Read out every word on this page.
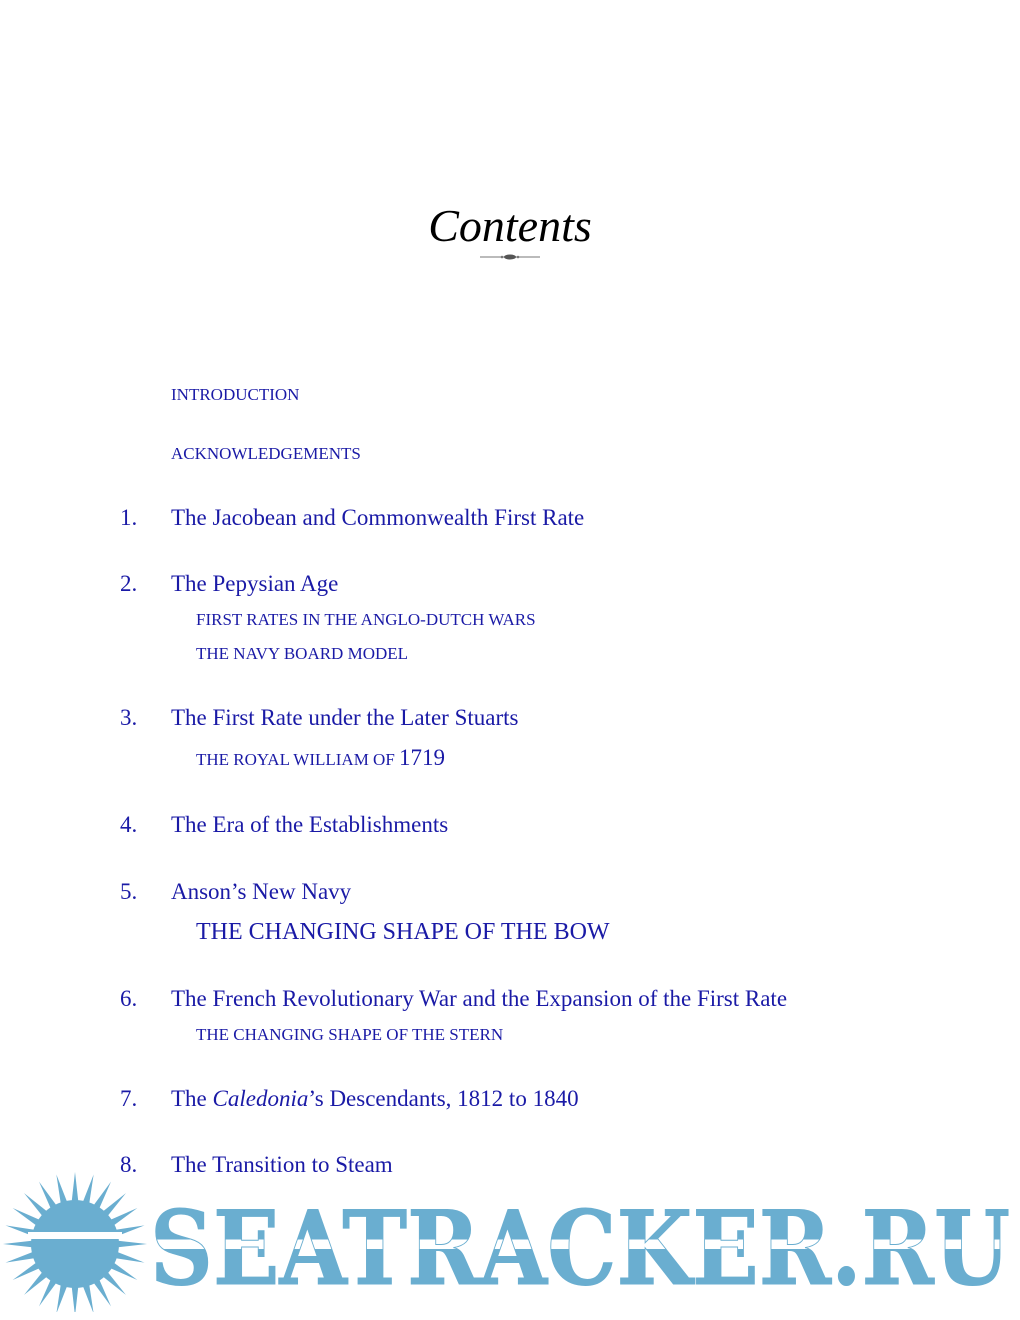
Contents
INTRODUCTION
ACKNOWLEDGEMENTS
1. The Jacobean and Commonwealth First Rate
2. The Pepysian Age
FIRST RATES IN THE ANGLO-DUTCH WARS
THE NAVY BOARD MODEL
3. The First Rate under the Later Stuarts
THE ROYAL WILLIAM OF 1719
4. The Era of the Establishments
5. Anson’s New Navy
THE CHANGING SHAPE OF THE BOW
6. The French Revolutionary War and the Expansion of the First Rate
THE CHANGING SHAPE OF THE STERN
7. The Caledonia’s Descendants, 1812 to 1840
8. The Transition to Steam
SEATRACKER.RU
